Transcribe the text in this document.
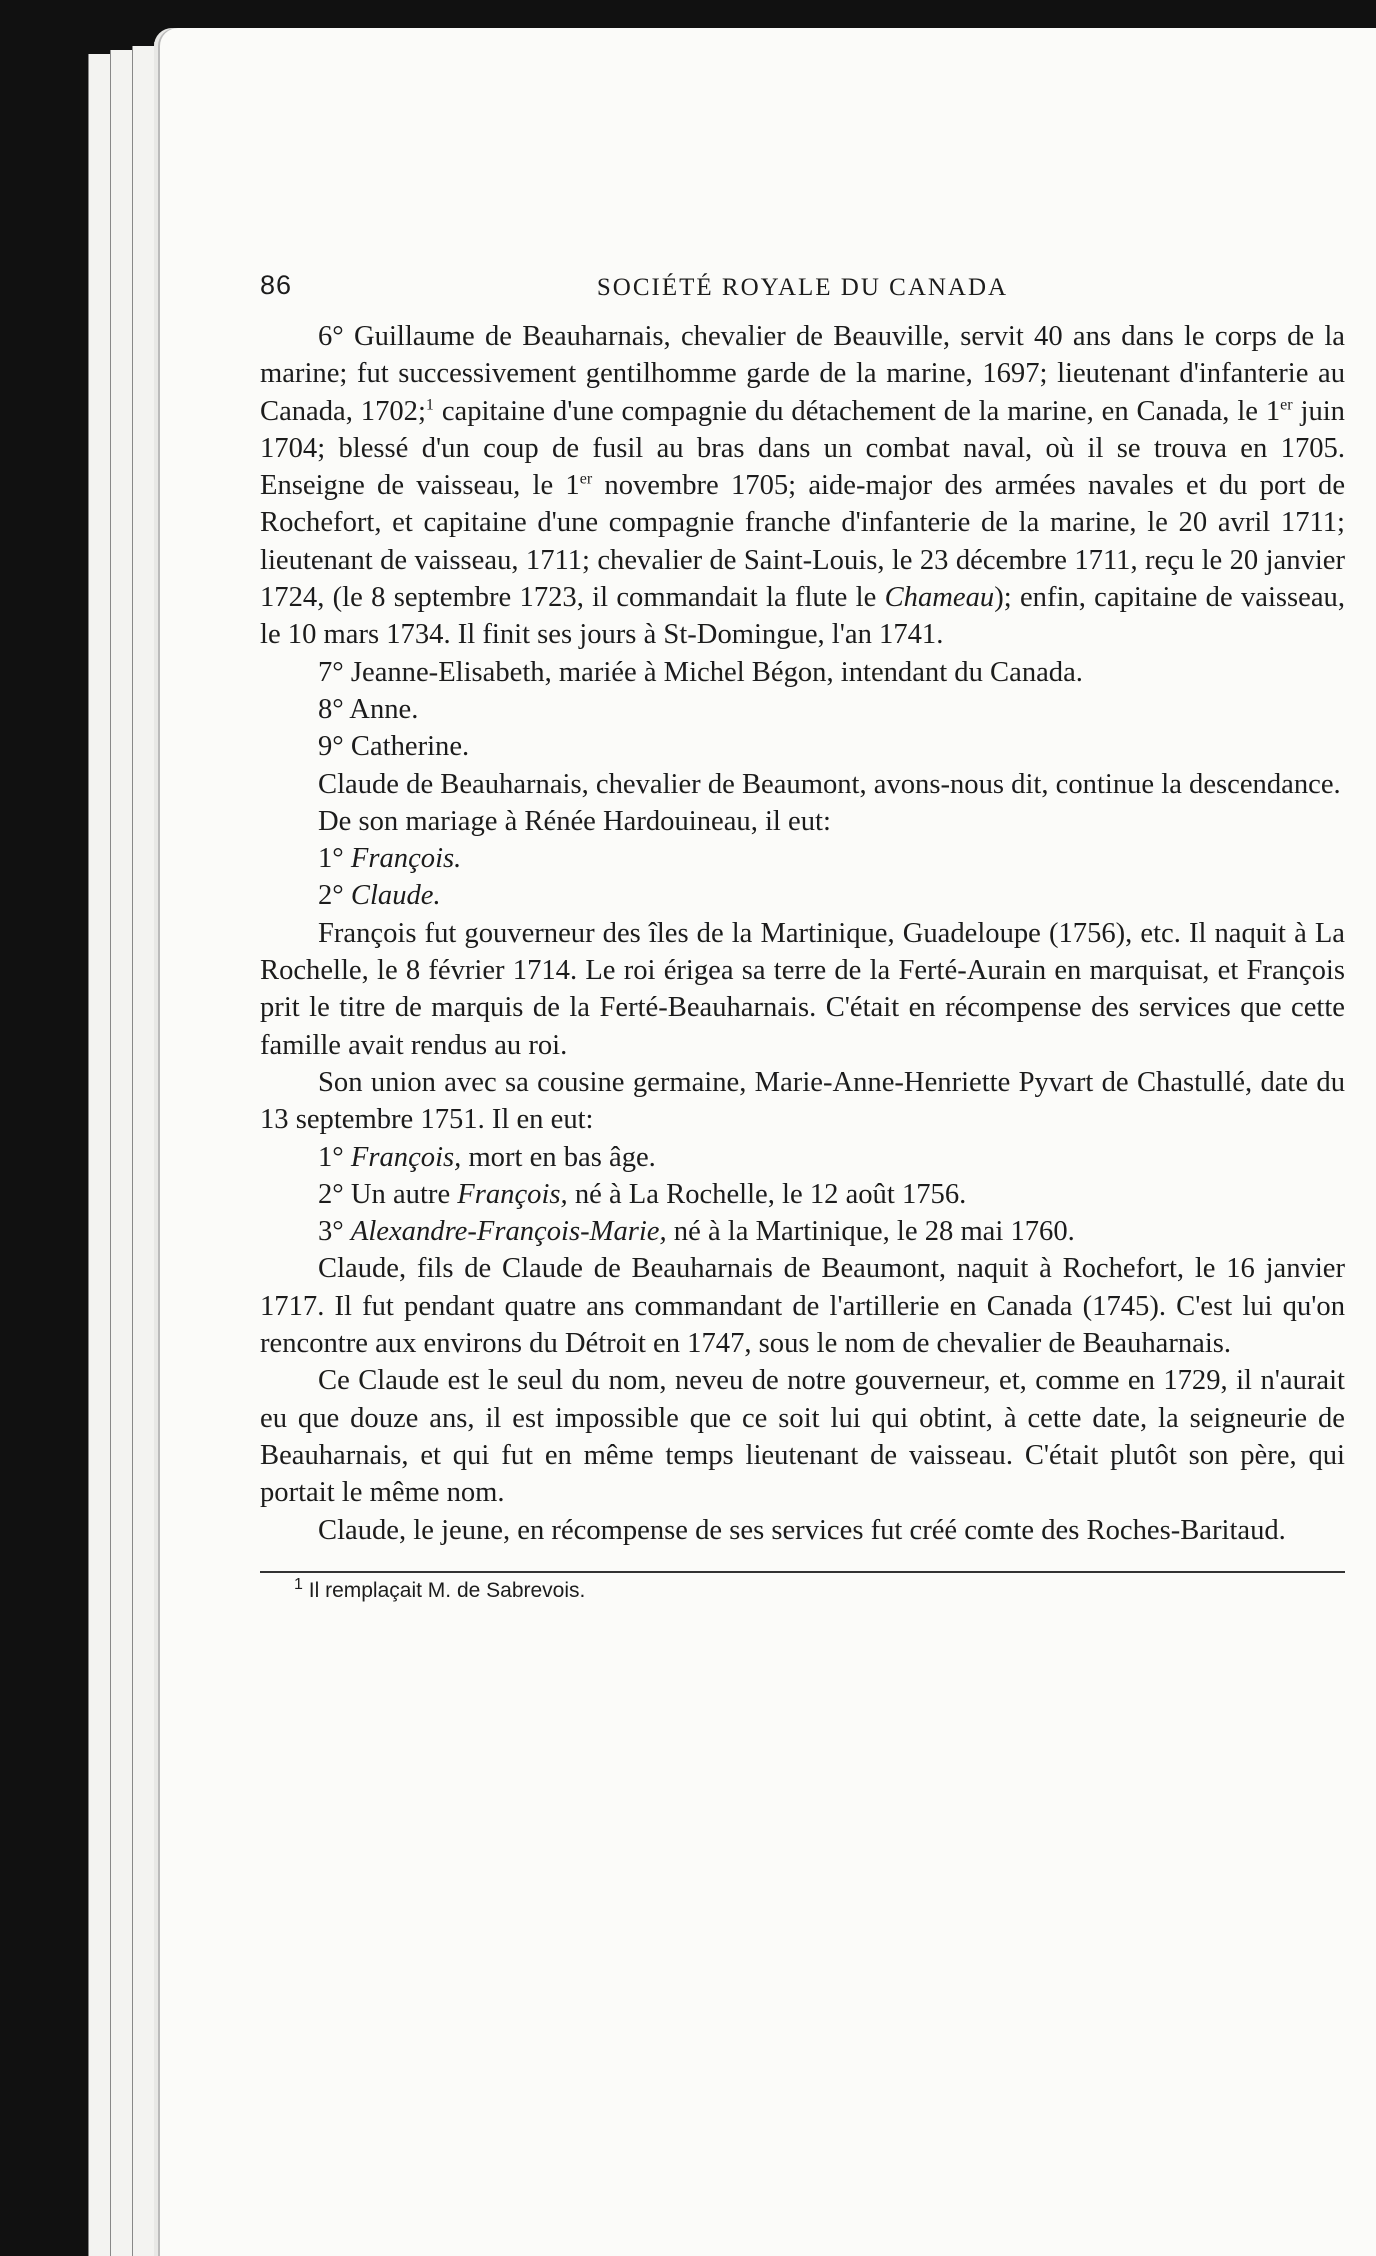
86	SOCIÉTÉ ROYALE DU CANADA

6° Guillaume de Beauharnais, chevalier de Beauville, servit 40 ans dans le corps de la marine; fut successivement gentilhomme garde de la marine, 1697; lieutenant d'infanterie au Canada, 1702;$^1$ capitaine d'une compagnie du détachement de la marine, en Canada, le 1er juin 1704; blessé d'un coup de fusil au bras dans un combat naval, où il se trouva en 1705. Enseigne de vaisseau, le 1er novembre 1705; aide-major des armées navales et du port de Rochefort, et capitaine d'une compagnie franche d'infanterie de la marine, le 20 avril 1711; lieutenant de vaisseau, 1711; chevalier de Saint-Louis, le 23 décembre 1711, reçu le 20 janvier 1724, (le 8 septembre 1723, il commandait la flute le Chameau); enfin, capitaine de vaisseau, le 10 mars 1734. Il finit ses jours à St-Domingue, l'an 1741.

7° Jeanne-Elisabeth, mariée à Michel Bégon, intendant du Canada.

8° Anne.

9° Catherine.

Claude de Beauharnais, chevalier de Beaumont, avons-nous dit, continue la descendance.

De son mariage à Rénée Hardouineau, il eut:

1° François.

2° Claude.

François fut gouverneur des îles de la Martinique, Guadeloupe (1756), etc. Il naquit à La Rochelle, le 8 février 1714. Le roi érigea sa terre de la Ferté-Aurain en marquisat, et François prit le titre de marquis de la Ferté-Beauharnais. C'était en récompense des services que cette famille avait rendus au roi.

Son union avec sa cousine germaine, Marie-Anne-Henriette Pyvart de Chastullé, date du 13 septembre 1751. Il en eut:

1° François, mort en bas âge.

2° Un autre François, né à La Rochelle, le 12 août 1756.

3° Alexandre-François-Marie, né à la Martinique, le 28 mai 1760.

Claude, fils de Claude de Beauharnais de Beaumont, naquit à Rochefort, le 16 janvier 1717. Il fut pendant quatre ans commandant de l'artillerie en Canada (1745). C'est lui qu'on rencontre aux environs du Détroit en 1747, sous le nom de chevalier de Beauharnais.

Ce Claude est le seul du nom, neveu de notre gouverneur, et, comme en 1729, il n'aurait eu que douze ans, il est impossible que ce soit lui qui obtint, à cette date, la seigneurie de Beauharnais, et qui fut en même temps lieutenant de vaisseau. C'était plutôt son père, qui portait le même nom.

Claude, le jeune, en récompense de ses services fut créé comte des Roches-Baritaud.

$^1$ Il remplaçait M. de Sabrevois.
